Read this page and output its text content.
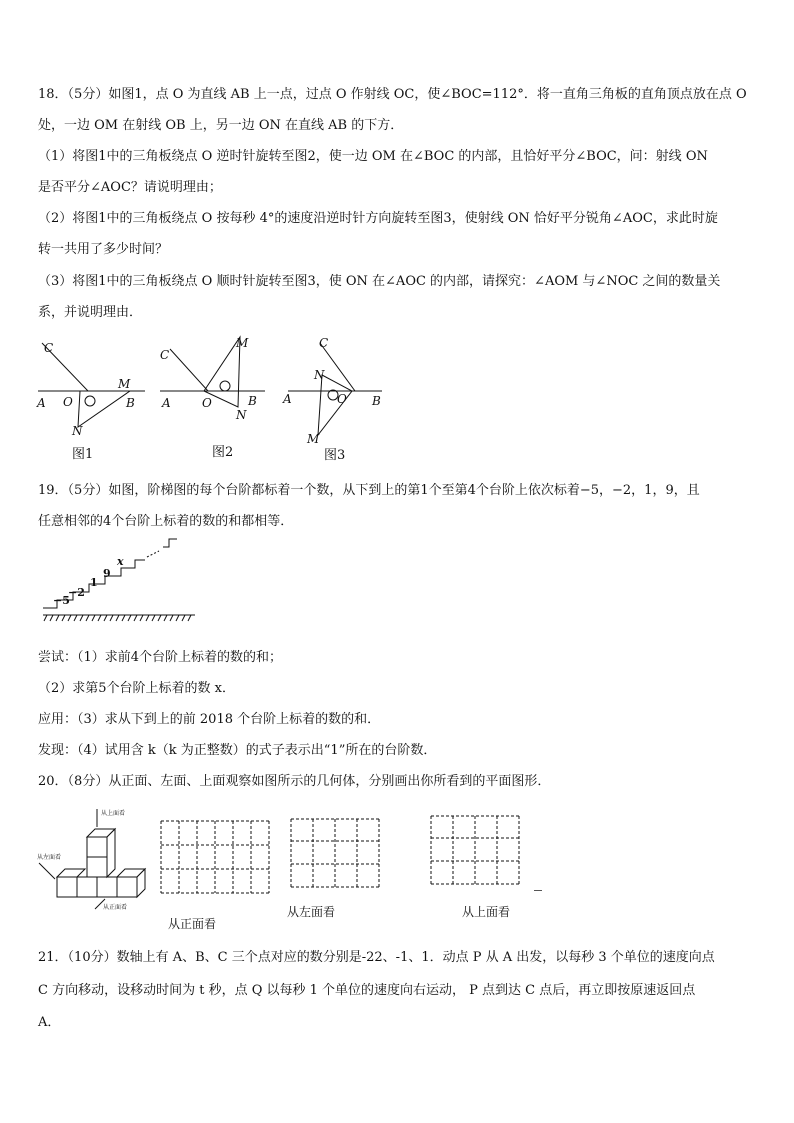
18．（5分）如图1，点 O 为直线 AB 上一点，过点 O 作射线 OC，使∠BOC=112°．将一直角三角板的直角顶点放在点 O
处，一边 OM 在射线 OB 上，另一边 ON 在直线 AB 的下方．
（1）将图1中的三角板绕点 O 逆时针旋转至图2，使一边 OM 在∠BOC 的内部，且恰好平分∠BOC，问：射线 ON
是否平分∠AOC？请说明理由；
（2）将图1中的三角板绕点 O 按每秒 4°的速度沿逆时针方向旋转至图3，使射线 ON 恰好平分锐角∠AOC，求此时旋
转一共用了多少时间？
（3）将图1中的三角板绕点 O 顺时针旋转至图3，使 ON 在∠AOC 的内部，请探究：∠AOM 与∠NOC 之间的数量关
系，并说明理由．
C
A O	B
M
N
C
A	O	B
M
N
C
A	O B
N
M
图1	图2	图3
19．（5分）如图，阶梯图的每个台阶都标着一个数，从下到上的第1个至第4个台阶上依次标着−5，−2，1，9，且
任意相邻的4个台阶上标着的数的和都相等．
−5
−2
1
9
x
尝试：（1）求前4个台阶上标着的数的和；
（2）求第5个台阶上标着的数 x．
应用：（3）求从下到上的前 2018 个台阶上标着的数的和．
发现：（4）试用含 k（k 为正整数）的式子表示出“1”所在的台阶数．
20．（8分）从正面、左面、上面观察如图所示的几何体，分别画出你所看到的平面图形．
从上面看
从左面看
从正面看
从正面看
从左面看	从上面看
21．（10分）数轴上有 A、B、C 三个点对应的数分别是-22、-1、1．动点 P 从 A 出发，以每秒 3 个单位的速度向点
C 方向移动，设移动时间为 t 秒，点 Q 以每秒 1 个单位的速度向右运动， P 点到达 C 点后，再立即按原速返回点
A．
